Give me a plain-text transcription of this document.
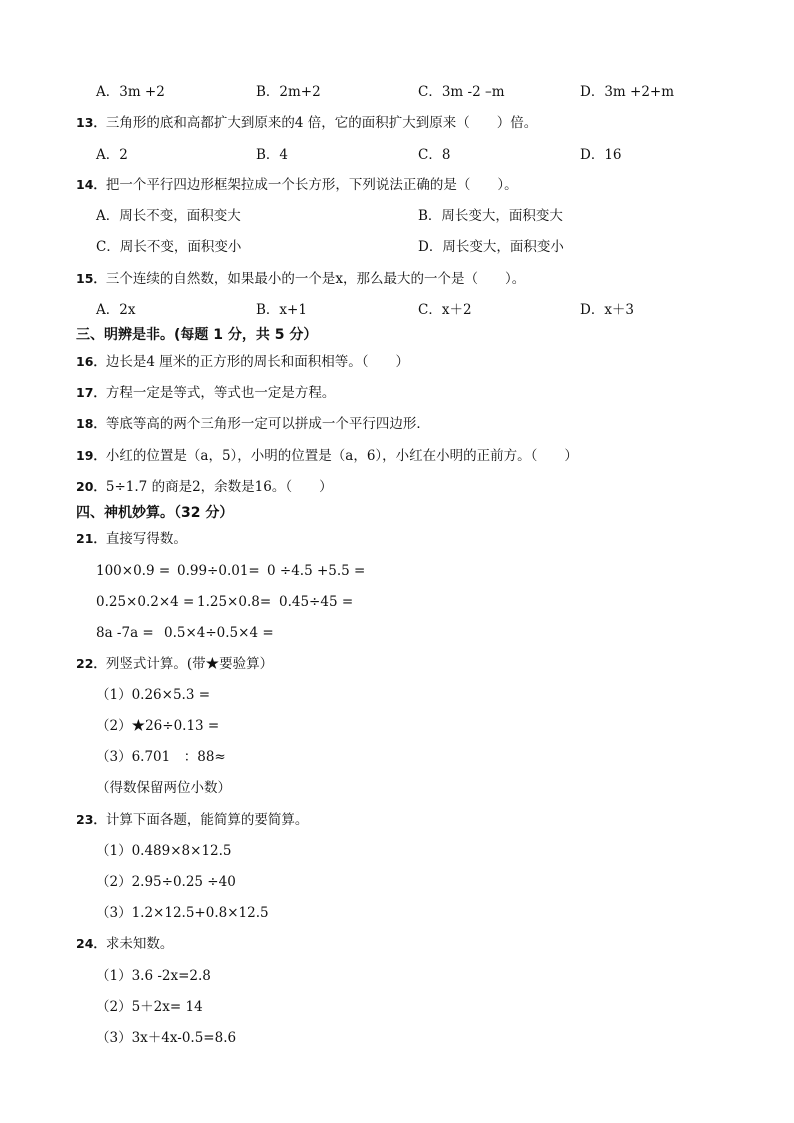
A．3m +2	B．2m+2	C．3m -2 –m	D．3m +2+m
13．三角形的底和高都扩大到原来的4 倍，它的面积扩大到原来（　　）倍。
A．2	B．4	C．8	D．16
14．把一个平行四边形框架拉成一个长方形，下列说法正确的是（　　）。
A．周长不变，面积变大	B．周长变大，面积变大
C．周长不变，面积变小	D．周长变大，面积变小
15．三个连续的自然数，如果最小的一个是x，那么最大的一个是（　　）。
A．2x	B．x+1	C．x＋2	D．x＋3
三、明辨是非。(每题 1 分，共 5 分）
16．边长是4 厘米的正方形的周长和面积相等。（　　）
17．方程一定是等式，等式也一定是方程。
18．等底等高的两个三角形一定可以拼成一个平行四边形．
19．小红的位置是（a，5），小明的位置是（a，6），小红在小明的正前方。（　　）
20．5÷1.7 的商是2，余数是16。（　　）
四、神机妙算。（32 分）
21．直接写得数。
100×0.9 = 0.99÷0.01= 0 ÷4.5 +5.5 =
0.25×0.2×4 = 1.25×0.8= 0.45÷45 =
8a -7a = 0.5×4÷0.5×4 =
22．列竖式计算。(带★要验算）
（1）0.26×5.3 =
（2）★26÷0.13 =
（3）6.701　：88≈
（得数保留两位小数）
23．计算下面各题，能简算的要简算。
（1）0.489×8×12.5
（2）2.95÷0.25 ÷40
（3）1.2×12.5+0.8×12.5
24．求未知数。
（1）3.6 -2x=2.8
（2）5＋2x= 14
（3）3x＋4x-0.5=8.6
